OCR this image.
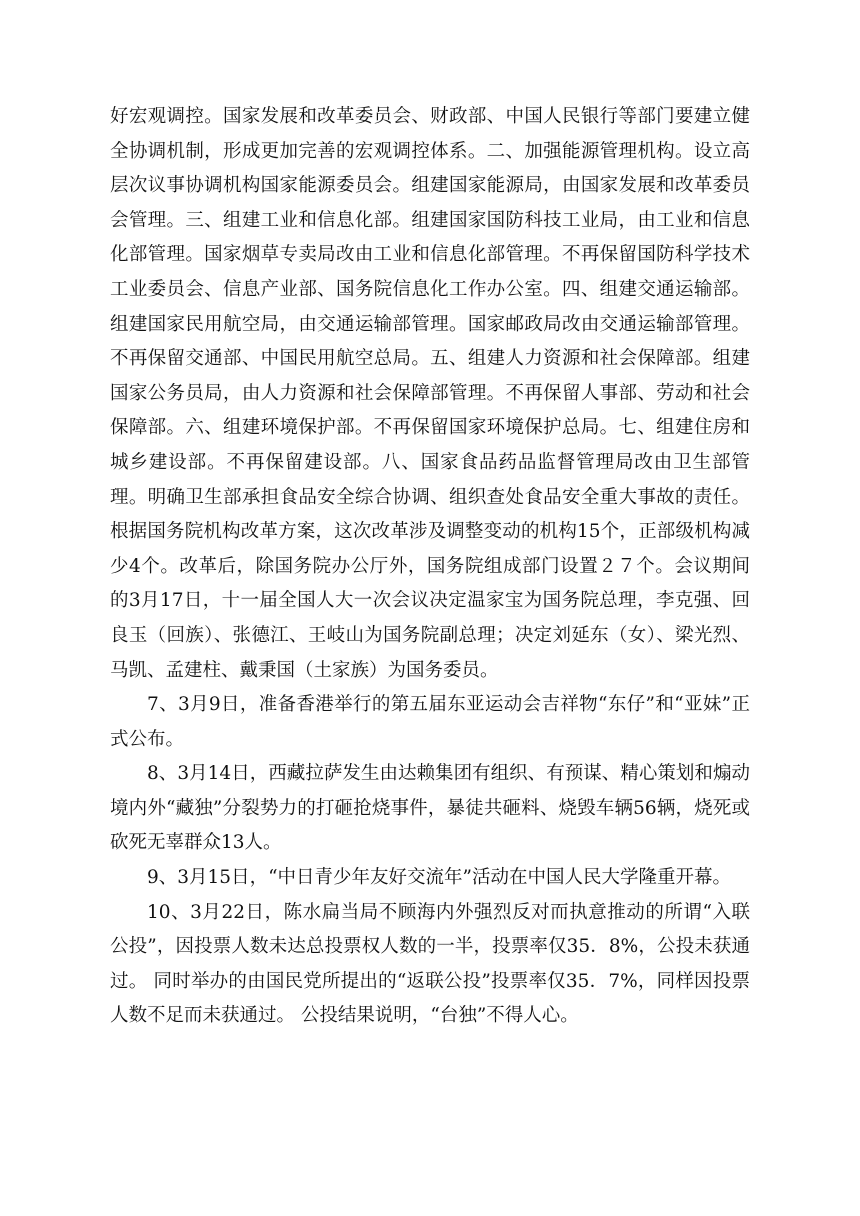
好宏观调控。国家发展和改革委员会、财政部、中国人民银行等部门要建立健全协调机制，形成更加完善的宏观调控体系。二、加强能源管理机构。设立高层次议事协调机构国家能源委员会。组建国家能源局，由国家发展和改革委员会管理。三、组建工业和信息化部。组建国家国防科技工业局，由工业和信息化部管理。国家烟草专卖局改由工业和信息化部管理。不再保留国防科学技术工业委员会、信息产业部、国务院信息化工作办公室。四、组建交通运输部。组建国家民用航空局，由交通运输部管理。国家邮政局改由交通运输部管理。不再保留交通部、中国民用航空总局。五、组建人力资源和社会保障部。组建国家公务员局，由人力资源和社会保障部管理。不再保留人事部、劳动和社会保障部。六、组建环境保护部。不再保留国家环境保护总局。七、组建住房和城乡建设部。不再保留建设部。八、国家食品药品监督管理局改由卫生部管理。明确卫生部承担食品安全综合协调、组织查处食品安全重大事故的责任。根据国务院机构改革方案，这次改革涉及调整变动的机构15个，正部级机构减少4个。改革后，除国务院办公厅外，国务院组成部门设置２７个。会议期间的3月17日，十一届全国人大一次会议决定温家宝为国务院总理，李克强、回良玉（回族）、张德江、王岐山为国务院副总理；决定刘延东（女）、梁光烈、马凯、孟建柱、戴秉国（土家族）为国务委员。

7、3月9日，准备香港举行的第五届东亚运动会吉祥物“东仔”和“亚妹”正式公布。

8、3月14日，西藏拉萨发生由达赖集团有组织、有预谋、精心策划和煽动境内外“藏独”分裂势力的打砸抢烧事件，暴徒共砸料、烧毁车辆56辆，烧死或砍死无辜群众13人。

9、3月15日，“中日青少年友好交流年”活动在中国人民大学隆重开幕。

10、3月22日，陈水扁当局不顾海内外强烈反对而执意推动的所谓“入联公投”，因投票人数未达总投票权人数的一半，投票率仅35．8%，公投未获通过。 同时举办的由国民党所提出的“返联公投”投票率仅35．7%，同样因投票人数不足而未获通过。 公投结果说明，“台独”不得人心。
